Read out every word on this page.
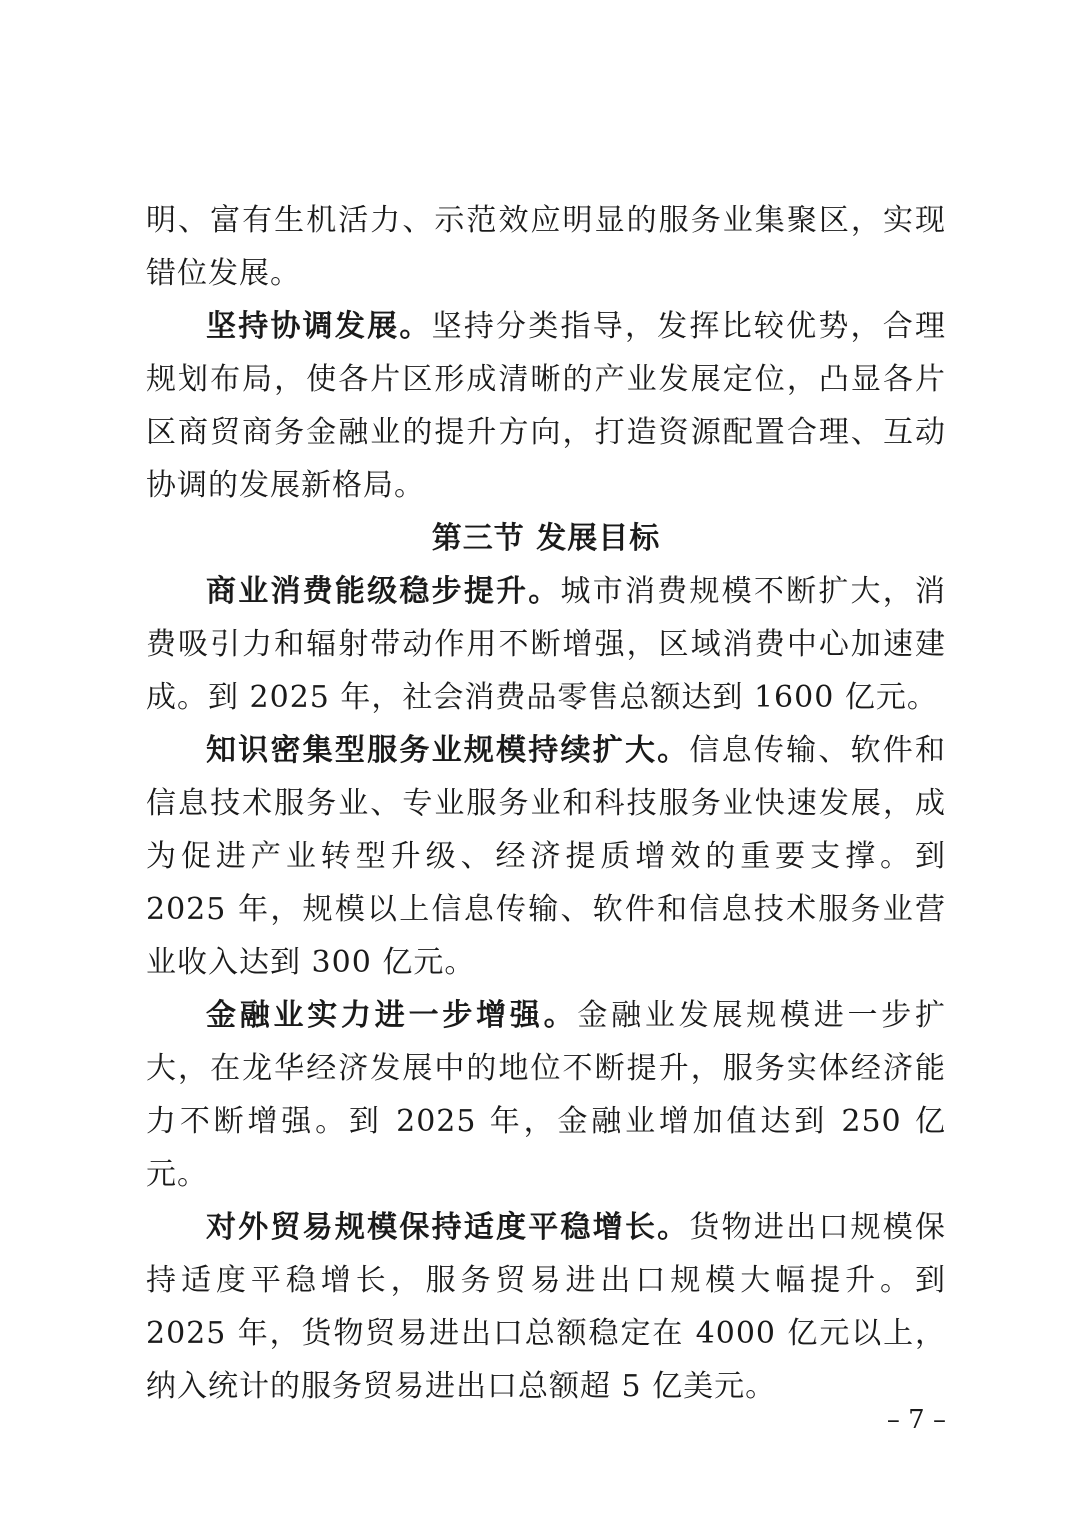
明、富有生机活力、示范效应明显的服务业集聚区，实现错位发展。

坚持协调发展。坚持分类指导，发挥比较优势，合理规划布局，使各片区形成清晰的产业发展定位，凸显各片区商贸商务金融业的提升方向，打造资源配置合理、互动协调的发展新格局。

第三节 发展目标

商业消费能级稳步提升。城市消费规模不断扩大，消费吸引力和辐射带动作用不断增强，区域消费中心加速建成。到 2025 年，社会消费品零售总额达到 1600 亿元。

知识密集型服务业规模持续扩大。信息传输、软件和信息技术服务业、专业服务业和科技服务业快速发展，成为促进产业转型升级、经济提质增效的重要支撑。到 2025 年，规模以上信息传输、软件和信息技术服务业营业收入达到 300 亿元。

金融业实力进一步增强。金融业发展规模进一步扩大，在龙华经济发展中的地位不断提升，服务实体经济能力不断增强。到 2025 年，金融业增加值达到 250 亿元。

对外贸易规模保持适度平稳增长。货物进出口规模保持适度平稳增长，服务贸易进出口规模大幅提升。到 2025 年，货物贸易进出口总额稳定在 4000 亿元以上，纳入统计的服务贸易进出口总额超 5 亿美元。

– 7 –
